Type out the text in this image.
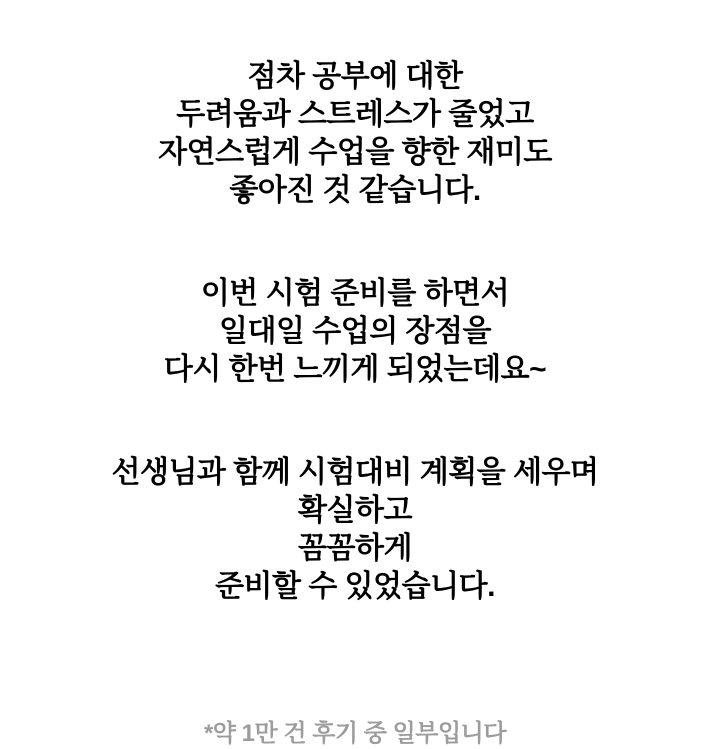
점차 공부에 대한
두려움과 스트레스가 줄었고
자연스럽게 수업을 향한 재미도
좋아진 것 같습니다.
이번 시험 준비를 하면서
일대일 수업의 장점을
다시 한번 느끼게 되었는데요~
선생님과 함께 시험대비 계획을 세우며
확실하고
꼼꼼하게
준비할 수 있었습니다.
*약 1만 건 후기 중 일부입니다
